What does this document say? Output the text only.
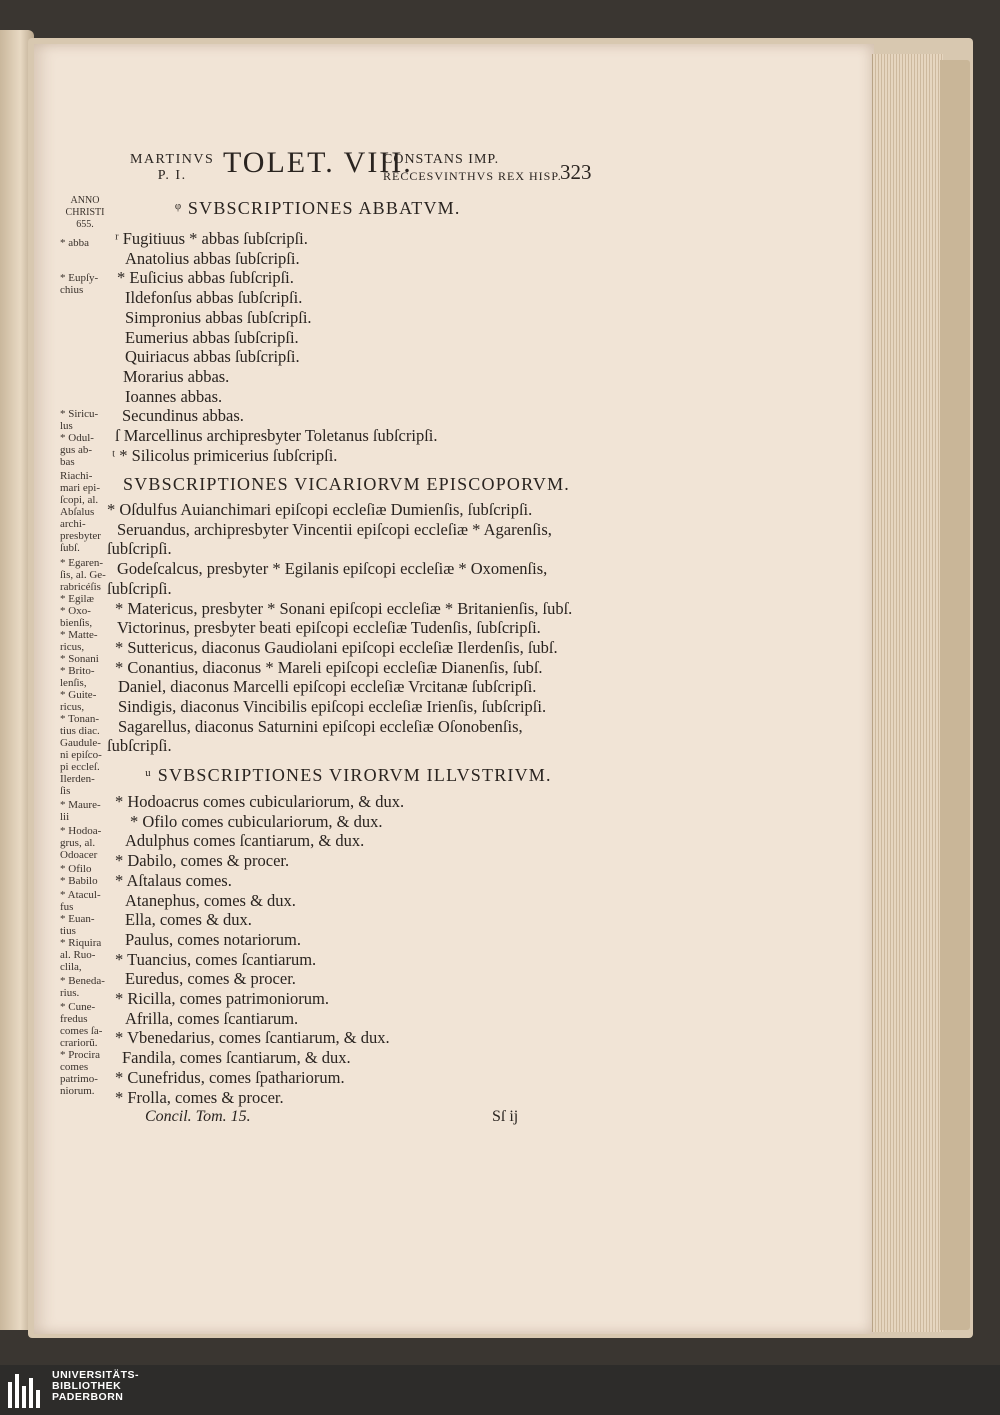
MARTINVS
P. I.	TOLET. VIII.
CONSTANS IMP.
RECCESVINTHVS REX HISP.
323
ANNO
CHRISTI
655.
ᵠ SVBSCRIPTIONES ABBATVM.
ʳ Fugitiuus * abbas ſubſcripſi.
Anatolius abbas ſubſcripſi.
* Euſicius abbas ſubſcripſi.
Ildefonſus abbas ſubſcripſi.
Simpronius abbas ſubſcripſi.
Eumerius abbas ſubſcripſi.
Quiriacus abbas ſubſcripſi.
Morarius abbas.
Ioannes abbas.
Secundinus abbas.
ſ Marcellinus archipresbyter Toletanus ſubſcripſi.
ᵗ * Silicolus primicerius ſubſcripſi.
SVBSCRIPTIONES VICARIORVM EPISCOPORVM.
* Oſdulfus Auianchimari epiſcopi eccleſiæ Dumienſis, ſubſcripſi.
Seruandus, archipresbyter Vincentii epiſcopi eccleſiæ * Agarenſis,
ſubſcripſi.
Godeſcalcus, presbyter * Egilanis epiſcopi eccleſiæ * Oxomenſis,
ſubſcripſi.
* Matericus, presbyter * Sonani epiſcopi eccleſiæ * Britanienſis, ſubſ.
Victorinus, presbyter beati epiſcopi eccleſiæ Tudenſis, ſubſcripſi.
* Suttericus, diaconus Gaudiolani epiſcopi eccleſiæ Ilerdenſis, ſubſ.
* Conantius, diaconus * Mareli epiſcopi eccleſiæ Dianenſis, ſubſ.
Daniel, diaconus Marcelli epiſcopi eccleſiæ Vrcitanæ ſubſcripſi.
Sindigis, diaconus Vincibilis epiſcopi eccleſiæ Irienſis, ſubſcripſi.
Sagarellus, diaconus Saturnini epiſcopi eccleſiæ Oſonobenſis,
ſubſcripſi.
ᵘ SVBSCRIPTIONES VIRORVM ILLVSTRIVM.
* Hodoacrus comes cubiculariorum, & dux.
* Ofilo comes cubiculariorum, & dux.
Adulphus comes ſcantiarum, & dux.
* Dabilo, comes & procer.
* Aſtalaus comes.
Atanephus, comes & dux.
Ella, comes & dux.
Paulus, comes notariorum.
* Tuancius, comes ſcantiarum.
Euredus, comes & procer.
* Ricilla, comes patrimoniorum.
Afrilla, comes ſcantiarum.
* Vbenedarius, comes ſcantiarum, & dux.
Fandila, comes ſcantiarum, & dux.
* Cunefridus, comes ſpathariorum.
* Frolla, comes & procer.
* abba
* Eupſy-
chius
* Siricu-
lus
* Odul-
gus ab-
bas
Riachi-
mari epi-
ſcopi, al.
Abſalus
archi-
presbyter
ſubſ.
* Egaren-
ſis, al. Ge-
rabricéſis
* Egilæ
* Oxo-
bienſis,
* Matte-
ricus,
* Sonani
* Brito-
lenſis,
* Guite-
ricus,
* Tonan-
tius diac.
Gaudule-
ni epiſco-
pi eccleſ.
Ilerden-
ſis
* Maure-
lii
* Hodoa-
grus, al.
Odoacer
* Ofilo
* Babilo
* Atacul-
fus
* Euan-
tius
* Riquira
al. Ruo-
clila,
* Beneda-
rius.
* Cune-
fredus
comes ſa-
crariorũ.
* Procira
comes
patrimo-
niorum.
Concil. Tom. 15.	Sſ ij
UNIVERSITÄTS-
BIBLIOTHEK
PADERBORN
